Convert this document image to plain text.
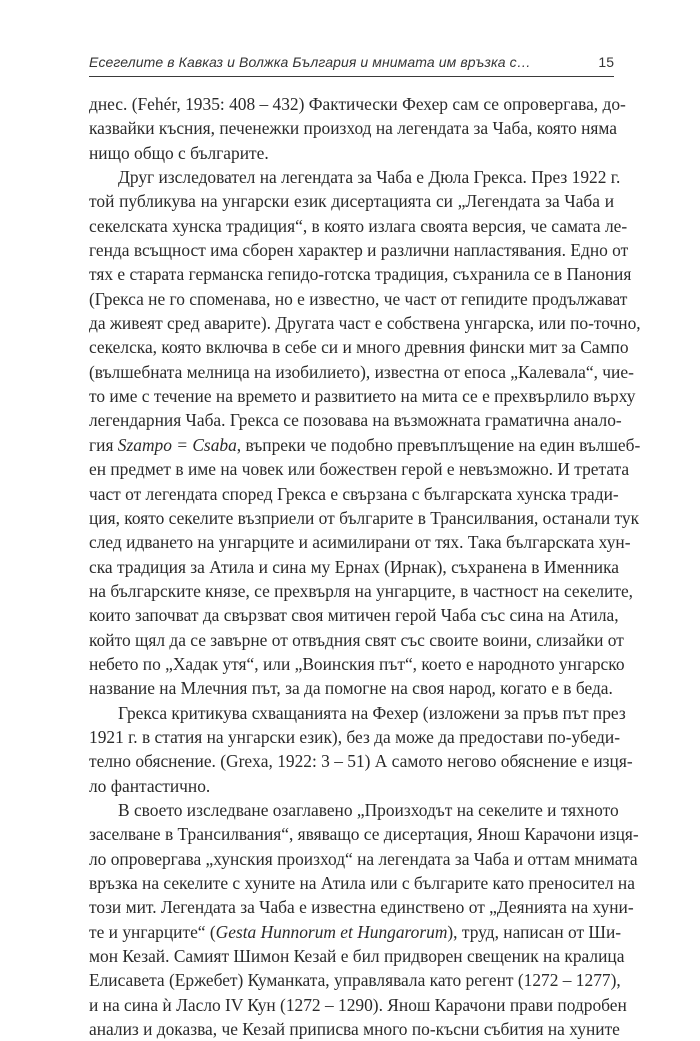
Есегелите в Кавказ и Волжка България и мнимата им връзка с…	15

днес. (Fehér, 1935: 408 – 432) Фактически Фехер сам се опровергава, до-
казвайки късния, печенежки произход на легендата за Чаба, която няма
нищо общо с българите.

Друг изследовател на легендата за Чаба е Дюла Грекса. През 1922 г.
той публикува на унгарски език дисертацията си „Легендата за Чаба и
секелската хунска традиция“, в която излага своята версия, че самата ле-
генда всъщност има сборен характер и различни напластявания. Едно от
тях е старата германска гепидо-готска традиция, съхранила се в Панония
(Грекса не го споменава, но е известно, че част от гепидите продължават
да живеят сред аварите). Другата част е собствена унгарска, или по-точно,
секелска, която включва в себе си и много древния фински мит за Сампо
(вълшебната мелница на изобилието), известна от епоса „Калевала“, чие-
то име с течение на времето и развитието на мита се е прехвърлило върху
легендарния Чаба. Грекса се позовава на възможната граматична анало-
гия Szampo = Csaba, въпреки че подобно превъплъщение на един вълшеб-
ен предмет в име на човек или божествен герой е невъзможно. И третата
част от легендата според Грекса е свързана с българската хунска тради-
ция, която секелите възприели от българите в Трансилвания, останали тук
след идването на унгарците и асимилирани от тях. Така българската хун-
ска традиция за Атила и сина му Ернах (Ирнак), съхранена в Именника
на българските князе, се прехвърля на унгарците, в частност на секелите,
които започват да свързват своя митичен герой Чаба със сина на Атила,
който щял да се завърне от отвъдния свят със своите воини, слизайки от
небето по „Хадак утя“, или „Воинския път“, което е народното унгарско
название на Млечния път, за да помогне на своя народ, когато е в беда.

Грекса критикува схващанията на Фехер (изложени за пръв път през
1921 г. в статия на унгарски език), без да може да предостави по-убеди-
телно обяснение. (Grexa, 1922: 3 – 51) А самото негово обяснение е изця-
ло фантастично.

В своето изследване озаглавено „Произходът на секелите и тяхното
заселване в Трансилвания“, явяващо се дисертация, Янош Карачони изця-
ло опровергава „хунския произход“ на легендата за Чаба и оттам мнимата
връзка на секелите с хуните на Атила или с българите като преносител на
този мит. Легендата за Чаба е известна единствено от „Деянията на хуни-
те и унгарците“ (Gesta Hunnorum et Hungarorum), труд, написан от Ши-
мон Кезай. Самият Шимон Кезай е бил придворен свещеник на кралица
Елисавета (Ержебет) Куманката, управлявала като регент (1272 – 1277),
и на сина ѝ Ласло IV Кун (1272 – 1290). Янош Карачони прави подробен
анализ и доказва, че Кезай приписва много по-късни събития на хуните
